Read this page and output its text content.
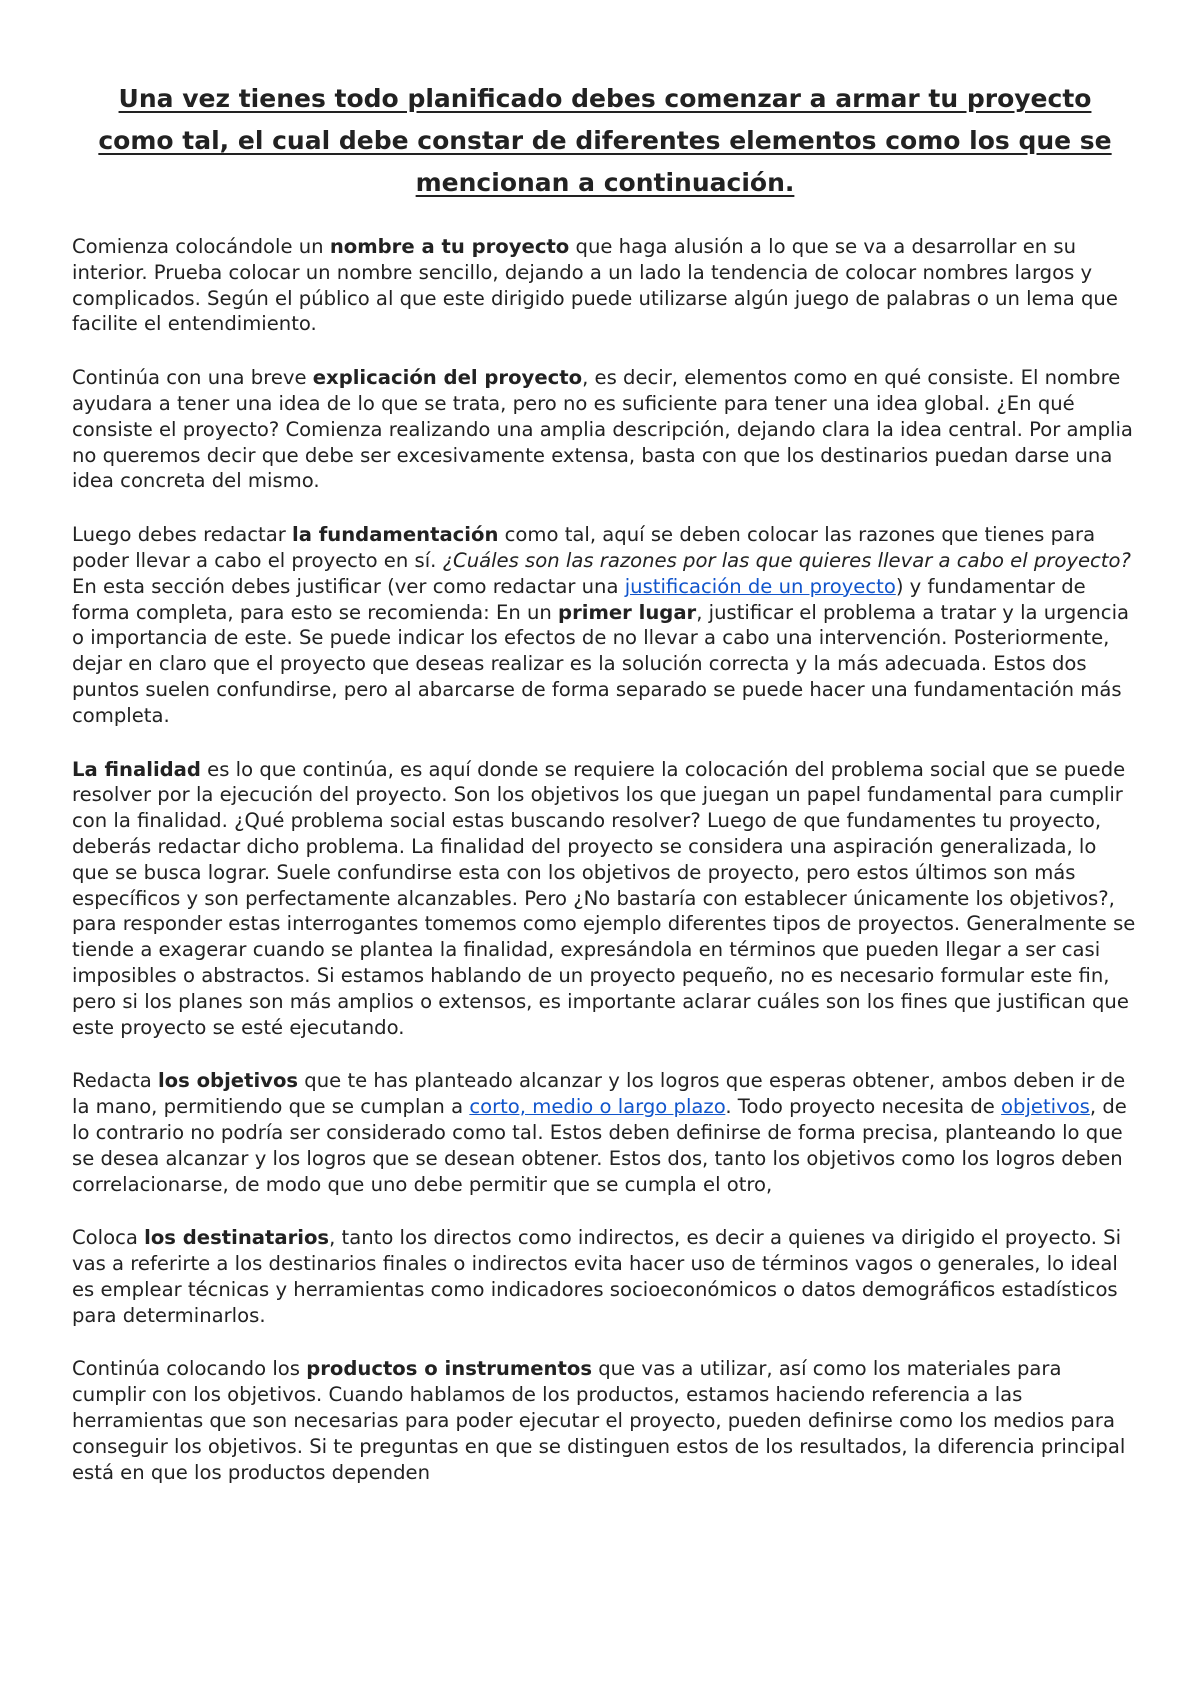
Una vez tienes todo planificado debes comenzar a armar tu proyecto como tal, el cual debe constar de diferentes elementos como los que se mencionan a continuación.

Comienza colocándole un nombre a tu proyecto que haga alusión a lo que se va a desarrollar en su interior. Prueba colocar un nombre sencillo, dejando a un lado la tendencia de colocar nombres largos y complicados. Según el público al que este dirigido puede utilizarse algún juego de palabras o un lema que facilite el entendimiento.

Continúa con una breve explicación del proyecto, es decir, elementos como en qué consiste. El nombre ayudara a tener una idea de lo que se trata, pero no es suficiente para tener una idea global. ¿En qué consiste el proyecto? Comienza realizando una amplia descripción, dejando clara la idea central. Por amplia no queremos decir que debe ser excesivamente extensa, basta con que los destinarios puedan darse una idea concreta del mismo.

Luego debes redactar la fundamentación como tal, aquí se deben colocar las razones que tienes para poder llevar a cabo el proyecto en sí. ¿Cuáles son las razones por las que quieres llevar a cabo el proyecto? En esta sección debes justificar (ver como redactar una justificación de un proyecto) y fundamentar de forma completa, para esto se recomienda: En un primer lugar, justificar el problema a tratar y la urgencia o importancia de este. Se puede indicar los efectos de no llevar a cabo una intervención. Posteriormente, dejar en claro que el proyecto que deseas realizar es la solución correcta y la más adecuada. Estos dos puntos suelen confundirse, pero al abarcarse de forma separado se puede hacer una fundamentación más completa.

La finalidad es lo que continúa, es aquí donde se requiere la colocación del problema social que se puede resolver por la ejecución del proyecto. Son los objetivos los que juegan un papel fundamental para cumplir con la finalidad. ¿Qué problema social estas buscando resolver? Luego de que fundamentes tu proyecto, deberás redactar dicho problema. La finalidad del proyecto se considera una aspiración generalizada, lo que se busca lograr. Suele confundirse esta con los objetivos de proyecto, pero estos últimos son más específicos y son perfectamente alcanzables. Pero ¿No bastaría con establecer únicamente los objetivos?, para responder estas interrogantes tomemos como ejemplo diferentes tipos de proyectos. Generalmente se tiende a exagerar cuando se plantea la finalidad, expresándola en términos que pueden llegar a ser casi imposibles o abstractos. Si estamos hablando de un proyecto pequeño, no es necesario formular este fin, pero si los planes son más amplios o extensos, es importante aclarar cuáles son los fines que justifican que este proyecto se esté ejecutando.

Redacta los objetivos que te has planteado alcanzar y los logros que esperas obtener, ambos deben ir de la mano, permitiendo que se cumplan a corto, medio o largo plazo. Todo proyecto necesita de objetivos, de lo contrario no podría ser considerado como tal. Estos deben definirse de forma precisa, planteando lo que se desea alcanzar y los logros que se desean obtener. Estos dos, tanto los objetivos como los logros deben correlacionarse, de modo que uno debe permitir que se cumpla el otro,

Coloca los destinatarios, tanto los directos como indirectos, es decir a quienes va dirigido el proyecto. Si vas a referirte a los destinarios finales o indirectos evita hacer uso de términos vagos o generales, lo ideal es emplear técnicas y herramientas como indicadores socioeconómicos o datos demográficos estadísticos para determinarlos.

Continúa colocando los productos o instrumentos que vas a utilizar, así como los materiales para cumplir con los objetivos. Cuando hablamos de los productos, estamos haciendo referencia a las herramientas que son necesarias para poder ejecutar el proyecto, pueden definirse como los medios para conseguir los objetivos. Si te preguntas en que se distinguen estos de los resultados, la diferencia principal está en que los productos dependen
